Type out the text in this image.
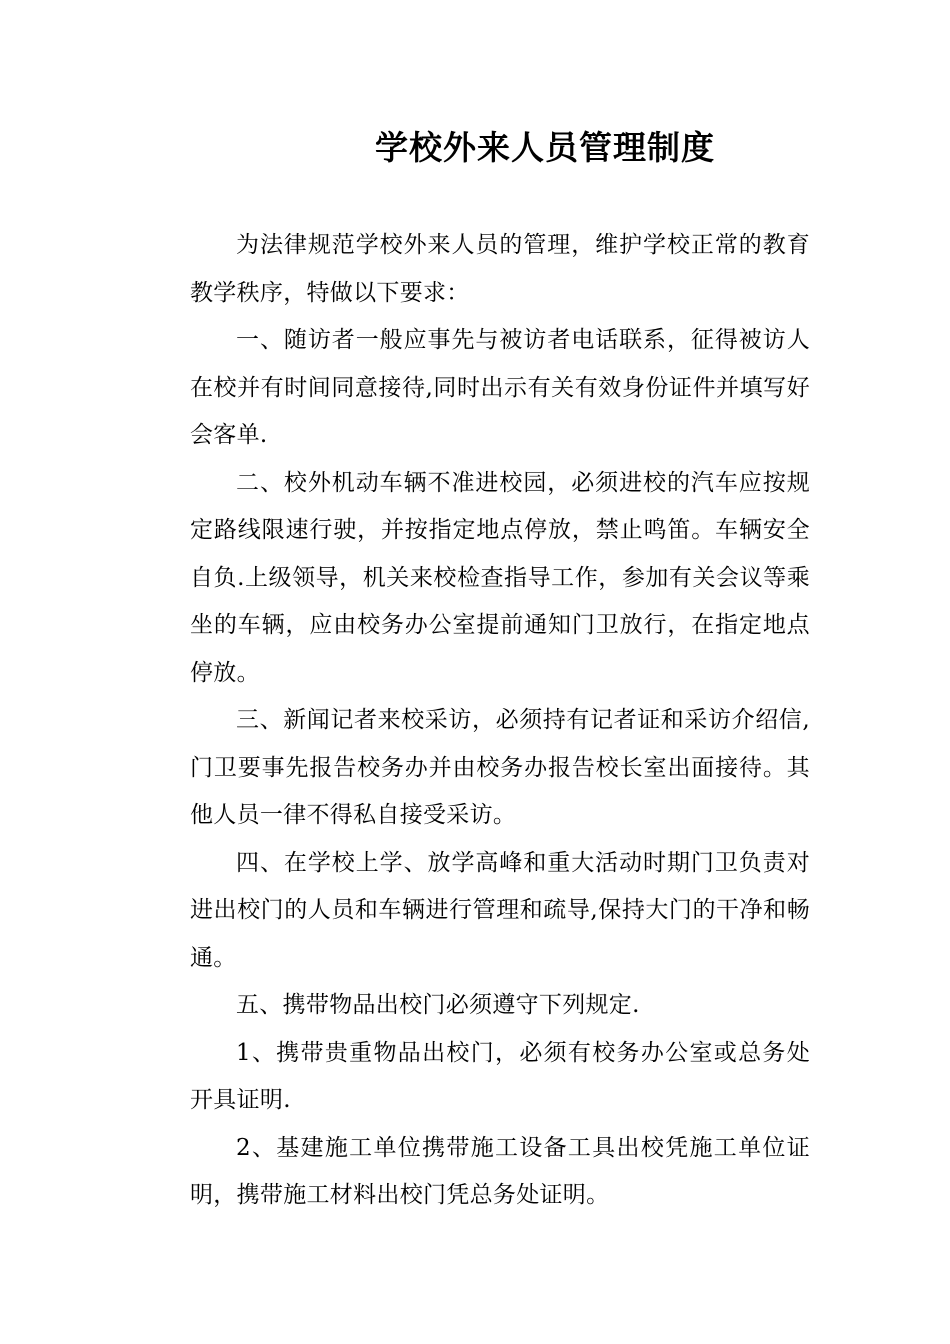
学校外来人员管理制度

为法律规范学校外来人员的管理，维护学校正常的教育教学秩序，特做以下要求：

一、随访者一般应事先与被访者电话联系，征得被访人在校并有时间同意接待,同时出示有关有效身份证件并填写好会客单.

二、校外机动车辆不准进校园，必须进校的汽车应按规定路线限速行驶，并按指定地点停放，禁止鸣笛。车辆安全自负.上级领导，机关来校检查指导工作，参加有关会议等乘坐的车辆，应由校务办公室提前通知门卫放行，在指定地点停放。

三、新闻记者来校采访，必须持有记者证和采访介绍信,门卫要事先报告校务办并由校务办报告校长室出面接待。其他人员一律不得私自接受采访。

四、在学校上学、放学高峰和重大活动时期门卫负责对进出校门的人员和车辆进行管理和疏导,保持大门的干净和畅通。

五、携带物品出校门必须遵守下列规定.

1、携带贵重物品出校门，必须有校务办公室或总务处开具证明.

2、基建施工单位携带施工设备工具出校凭施工单位证明，携带施工材料出校门凭总务处证明。
